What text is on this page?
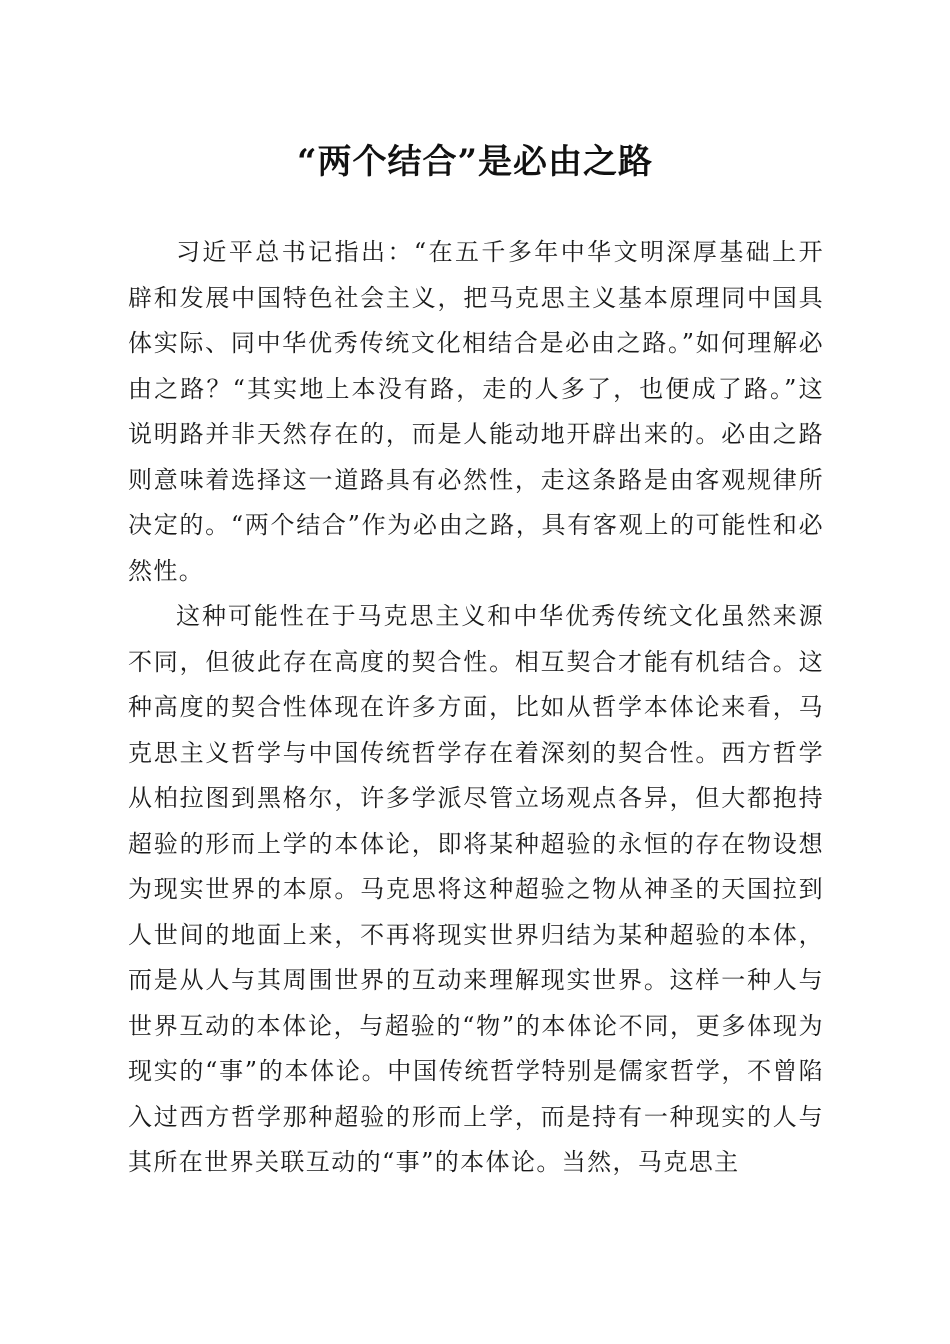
“两个结合”是必由之路

习近平总书记指出：“在五千多年中华文明深厚基础上开辟和发展中国特色社会主义，把马克思主义基本原理同中国具体实际、同中华优秀传统文化相结合是必由之路。”如何理解必由之路？“其实地上本没有路，走的人多了，也便成了路。”这说明路并非天然存在的，而是人能动地开辟出来的。必由之路则意味着选择这一道路具有必然性，走这条路是由客观规律所决定的。“两个结合”作为必由之路，具有客观上的可能性和必然性。

这种可能性在于马克思主义和中华优秀传统文化虽然来源不同，但彼此存在高度的契合性。相互契合才能有机结合。这种高度的契合性体现在许多方面，比如从哲学本体论来看，马克思主义哲学与中国传统哲学存在着深刻的契合性。西方哲学从柏拉图到黑格尔，许多学派尽管立场观点各异，但大都抱持超验的形而上学的本体论，即将某种超验的永恒的存在物设想为现实世界的本原。马克思将这种超验之物从神圣的天国拉到人世间的地面上来，不再将现实世界归结为某种超验的本体，而是从人与其周围世界的互动来理解现实世界。这样一种人与世界互动的本体论，与超验的“物”的本体论不同，更多体现为现实的“事”的本体论。中国传统哲学特别是儒家哲学，不曾陷入过西方哲学那种超验的形而上学，而是持有一种现实的人与其所在世界关联互动的“事”的本体论。当然，马克思主
